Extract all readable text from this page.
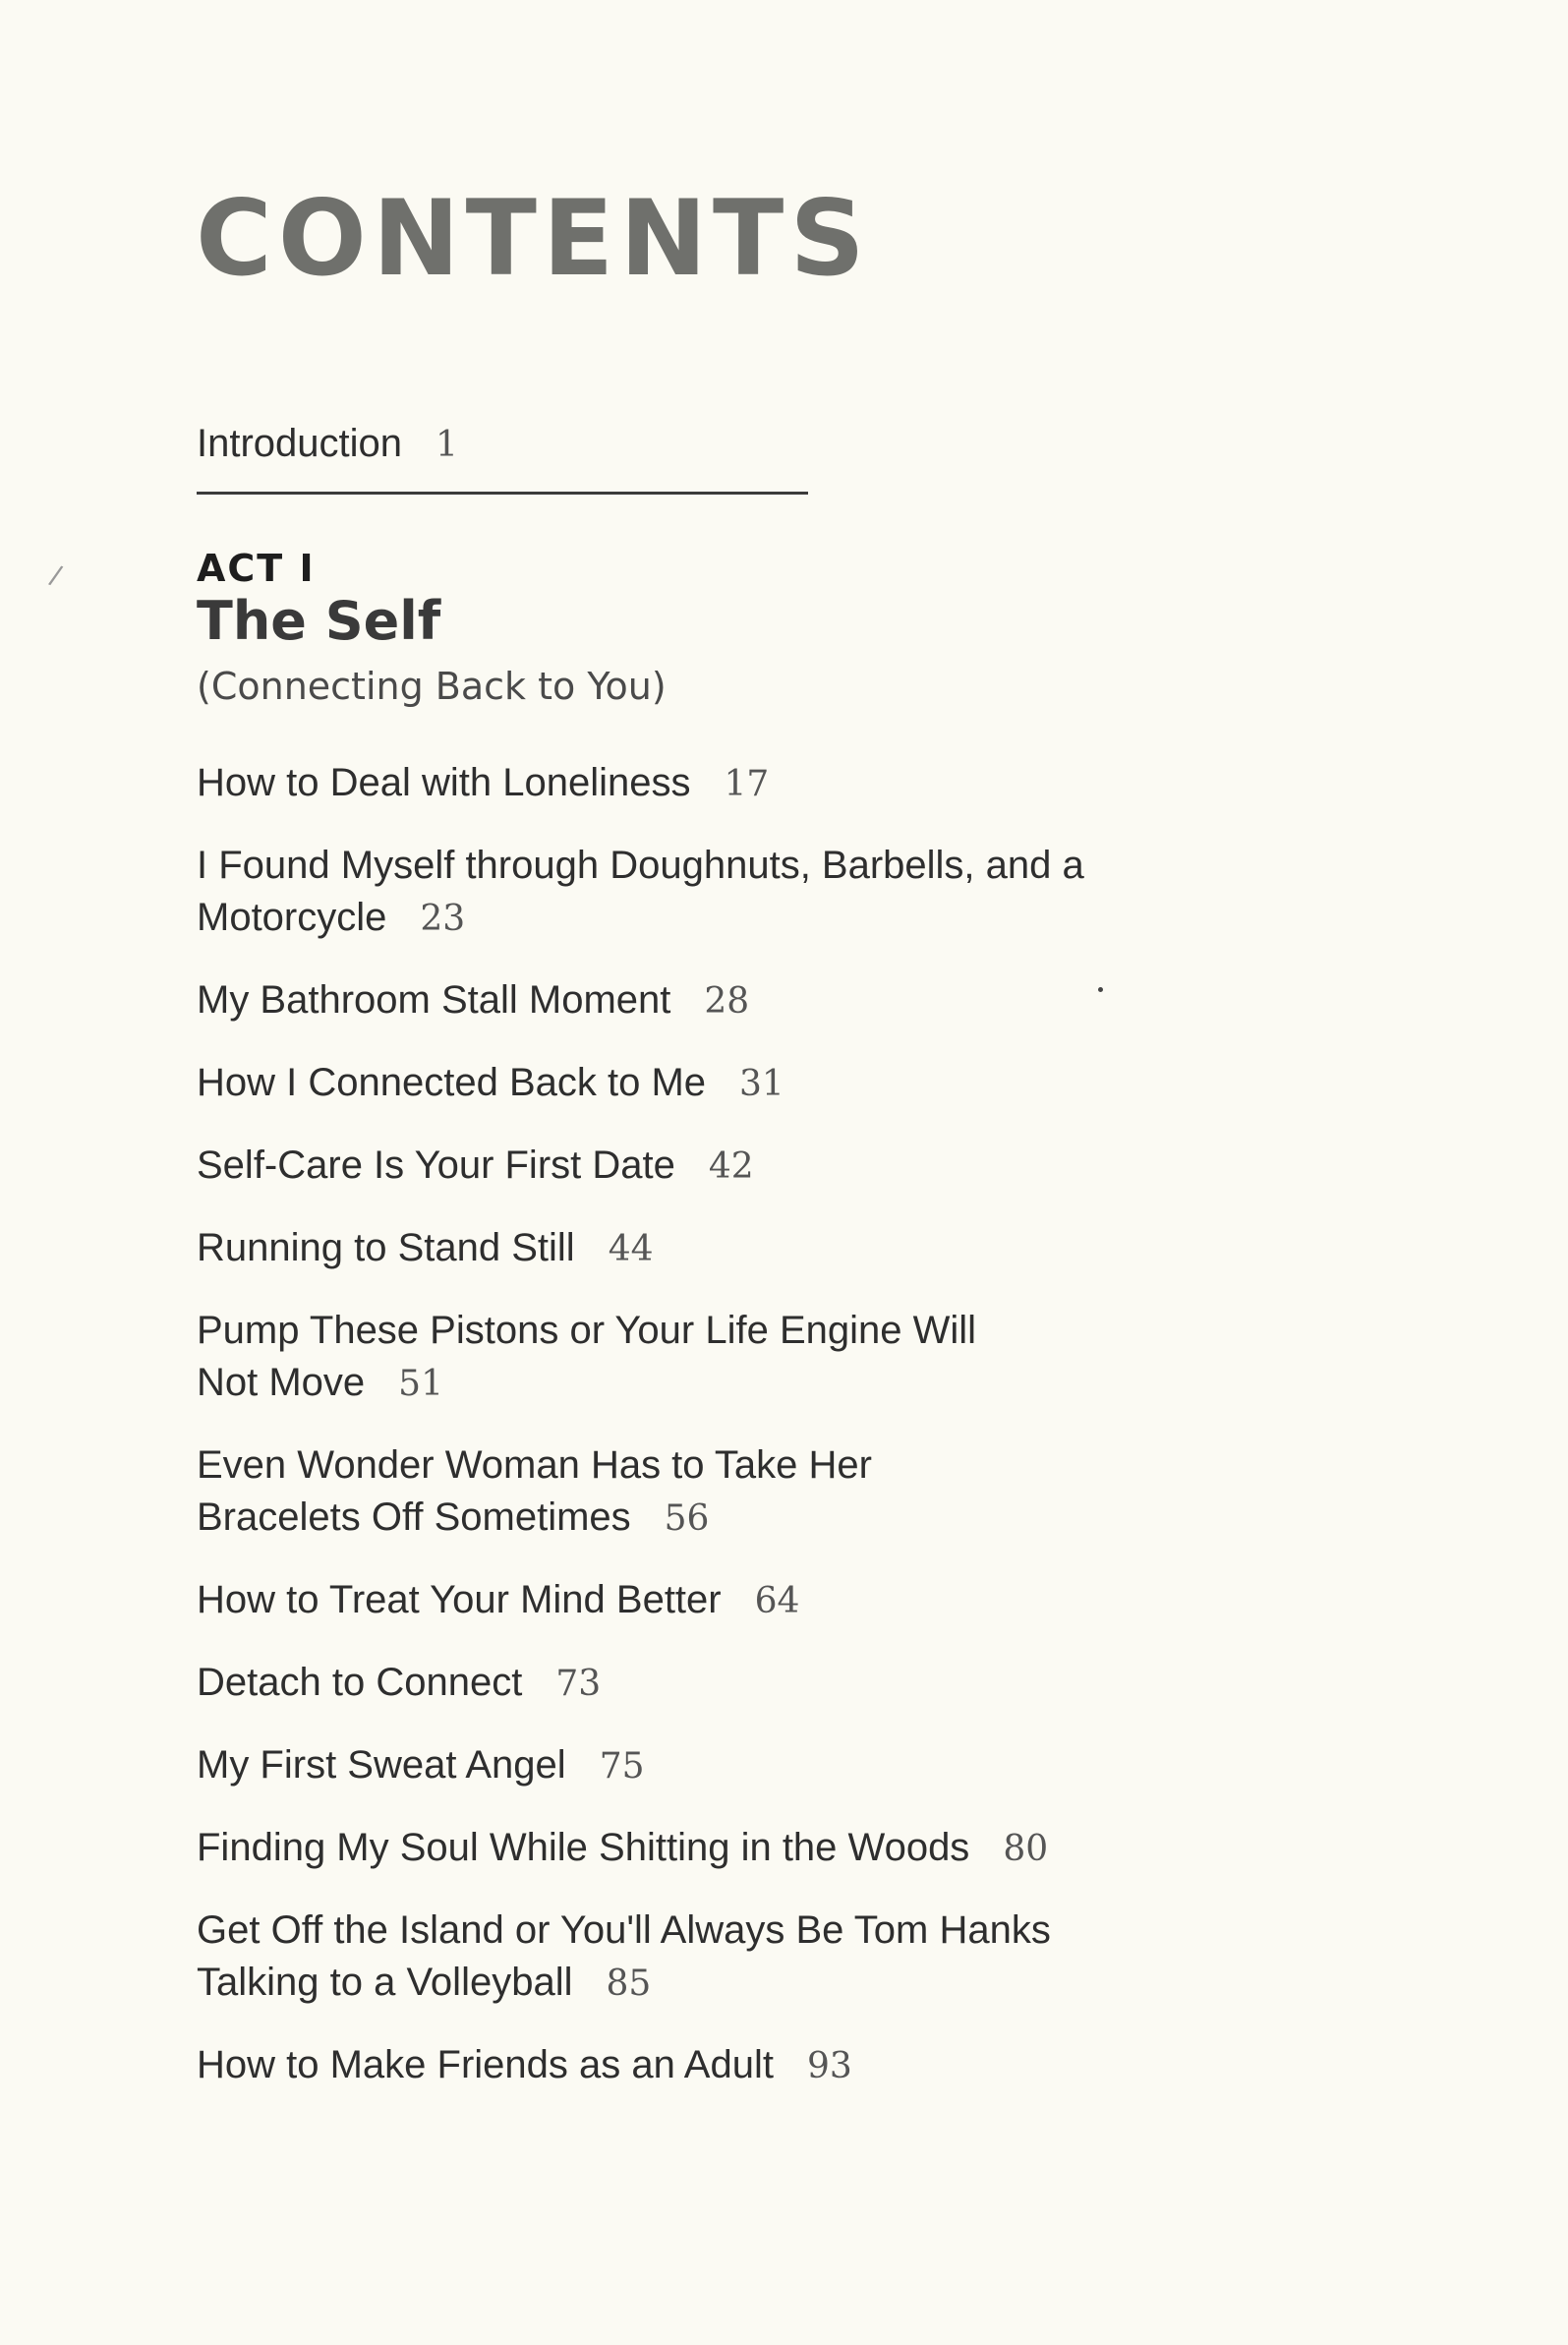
CONTENTS
Introduction 1
/	ACT I
The Self
(Connecting Back to You)
How to Deal with Loneliness 17
I Found Myself through Doughnuts, Barbells, and a Motorcycle 23
My Bathroom Stall Moment 28
How I Connected Back to Me 31
Self-Care Is Your First Date 42
Running to Stand Still 44
Pump These Pistons or Your Life Engine Will Not Move 51
Even Wonder Woman Has to Take Her Bracelets Off Sometimes 56
How to Treat Your Mind Better 64
Detach to Connect 73
My First Sweat Angel 75
Finding My Soul While Shitting in the Woods 80
Get Off the Island or You'll Always Be Tom Hanks Talking to a Volleyball 85
How to Make Friends as an Adult 93
